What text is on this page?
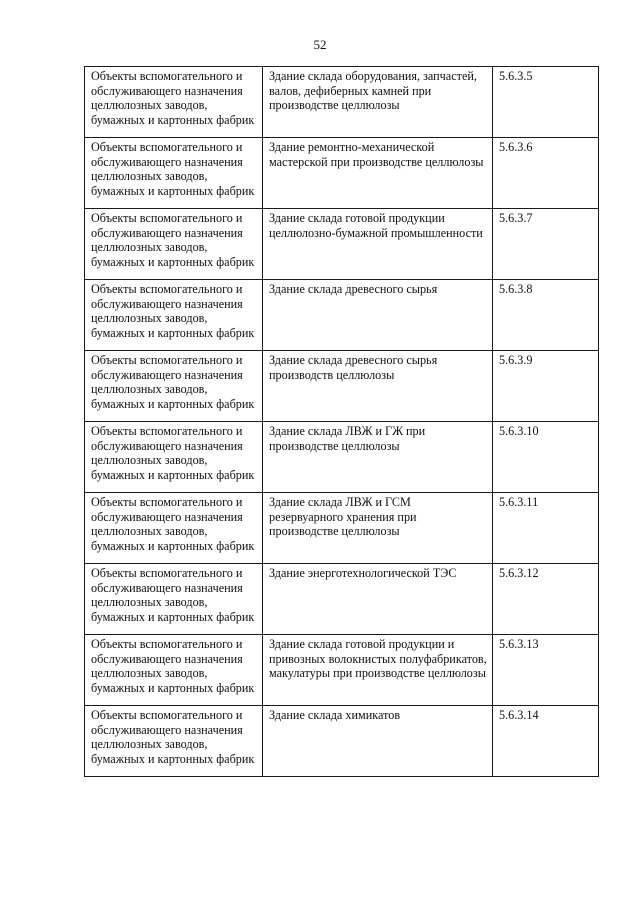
52
Объекты вспомогательного и обслуживающего назначения целлюлозных заводов, бумажных и картонных фабрик	Здание склада оборудования, запчастей, валов, дефиберных камней при производстве целлюлозы	5.6.3.5
Объекты вспомогательного и обслуживающего назначения целлюлозных заводов, бумажных и картонных фабрик	Здание ремонтно-механической мастерской при производстве целлюлозы	5.6.3.6
Объекты вспомогательного и обслуживающего назначения целлюлозных заводов, бумажных и картонных фабрик	Здание склада готовой продукции целлюлозно-бумажной промышленности	5.6.3.7
Объекты вспомогательного и обслуживающего назначения целлюлозных заводов, бумажных и картонных фабрик	Здание склада древесного сырья	5.6.3.8
Объекты вспомогательного и обслуживающего назначения целлюлозных заводов, бумажных и картонных фабрик	Здание склада древесного сырья производств целлюлозы	5.6.3.9
Объекты вспомогательного и обслуживающего назначения целлюлозных заводов, бумажных и картонных фабрик	Здание склада ЛВЖ и ГЖ при производстве целлюлозы	5.6.3.10
Объекты вспомогательного и обслуживающего назначения целлюлозных заводов, бумажных и картонных фабрик	Здание склада ЛВЖ и ГСМ резервуарного хранения при производстве целлюлозы	5.6.3.11
Объекты вспомогательного и обслуживающего назначения целлюлозных заводов, бумажных и картонных фабрик	Здание энерготехнологической ТЭС	5.6.3.12
Объекты вспомогательного и обслуживающего назначения целлюлозных заводов, бумажных и картонных фабрик	Здание склада готовой продукции и привозных волокнистых полуфабрикатов, макулатуры при производстве целлюлозы	5.6.3.13
Объекты вспомогательного и обслуживающего назначения целлюлозных заводов, бумажных и картонных фабрик	Здание склада химикатов	5.6.3.14
